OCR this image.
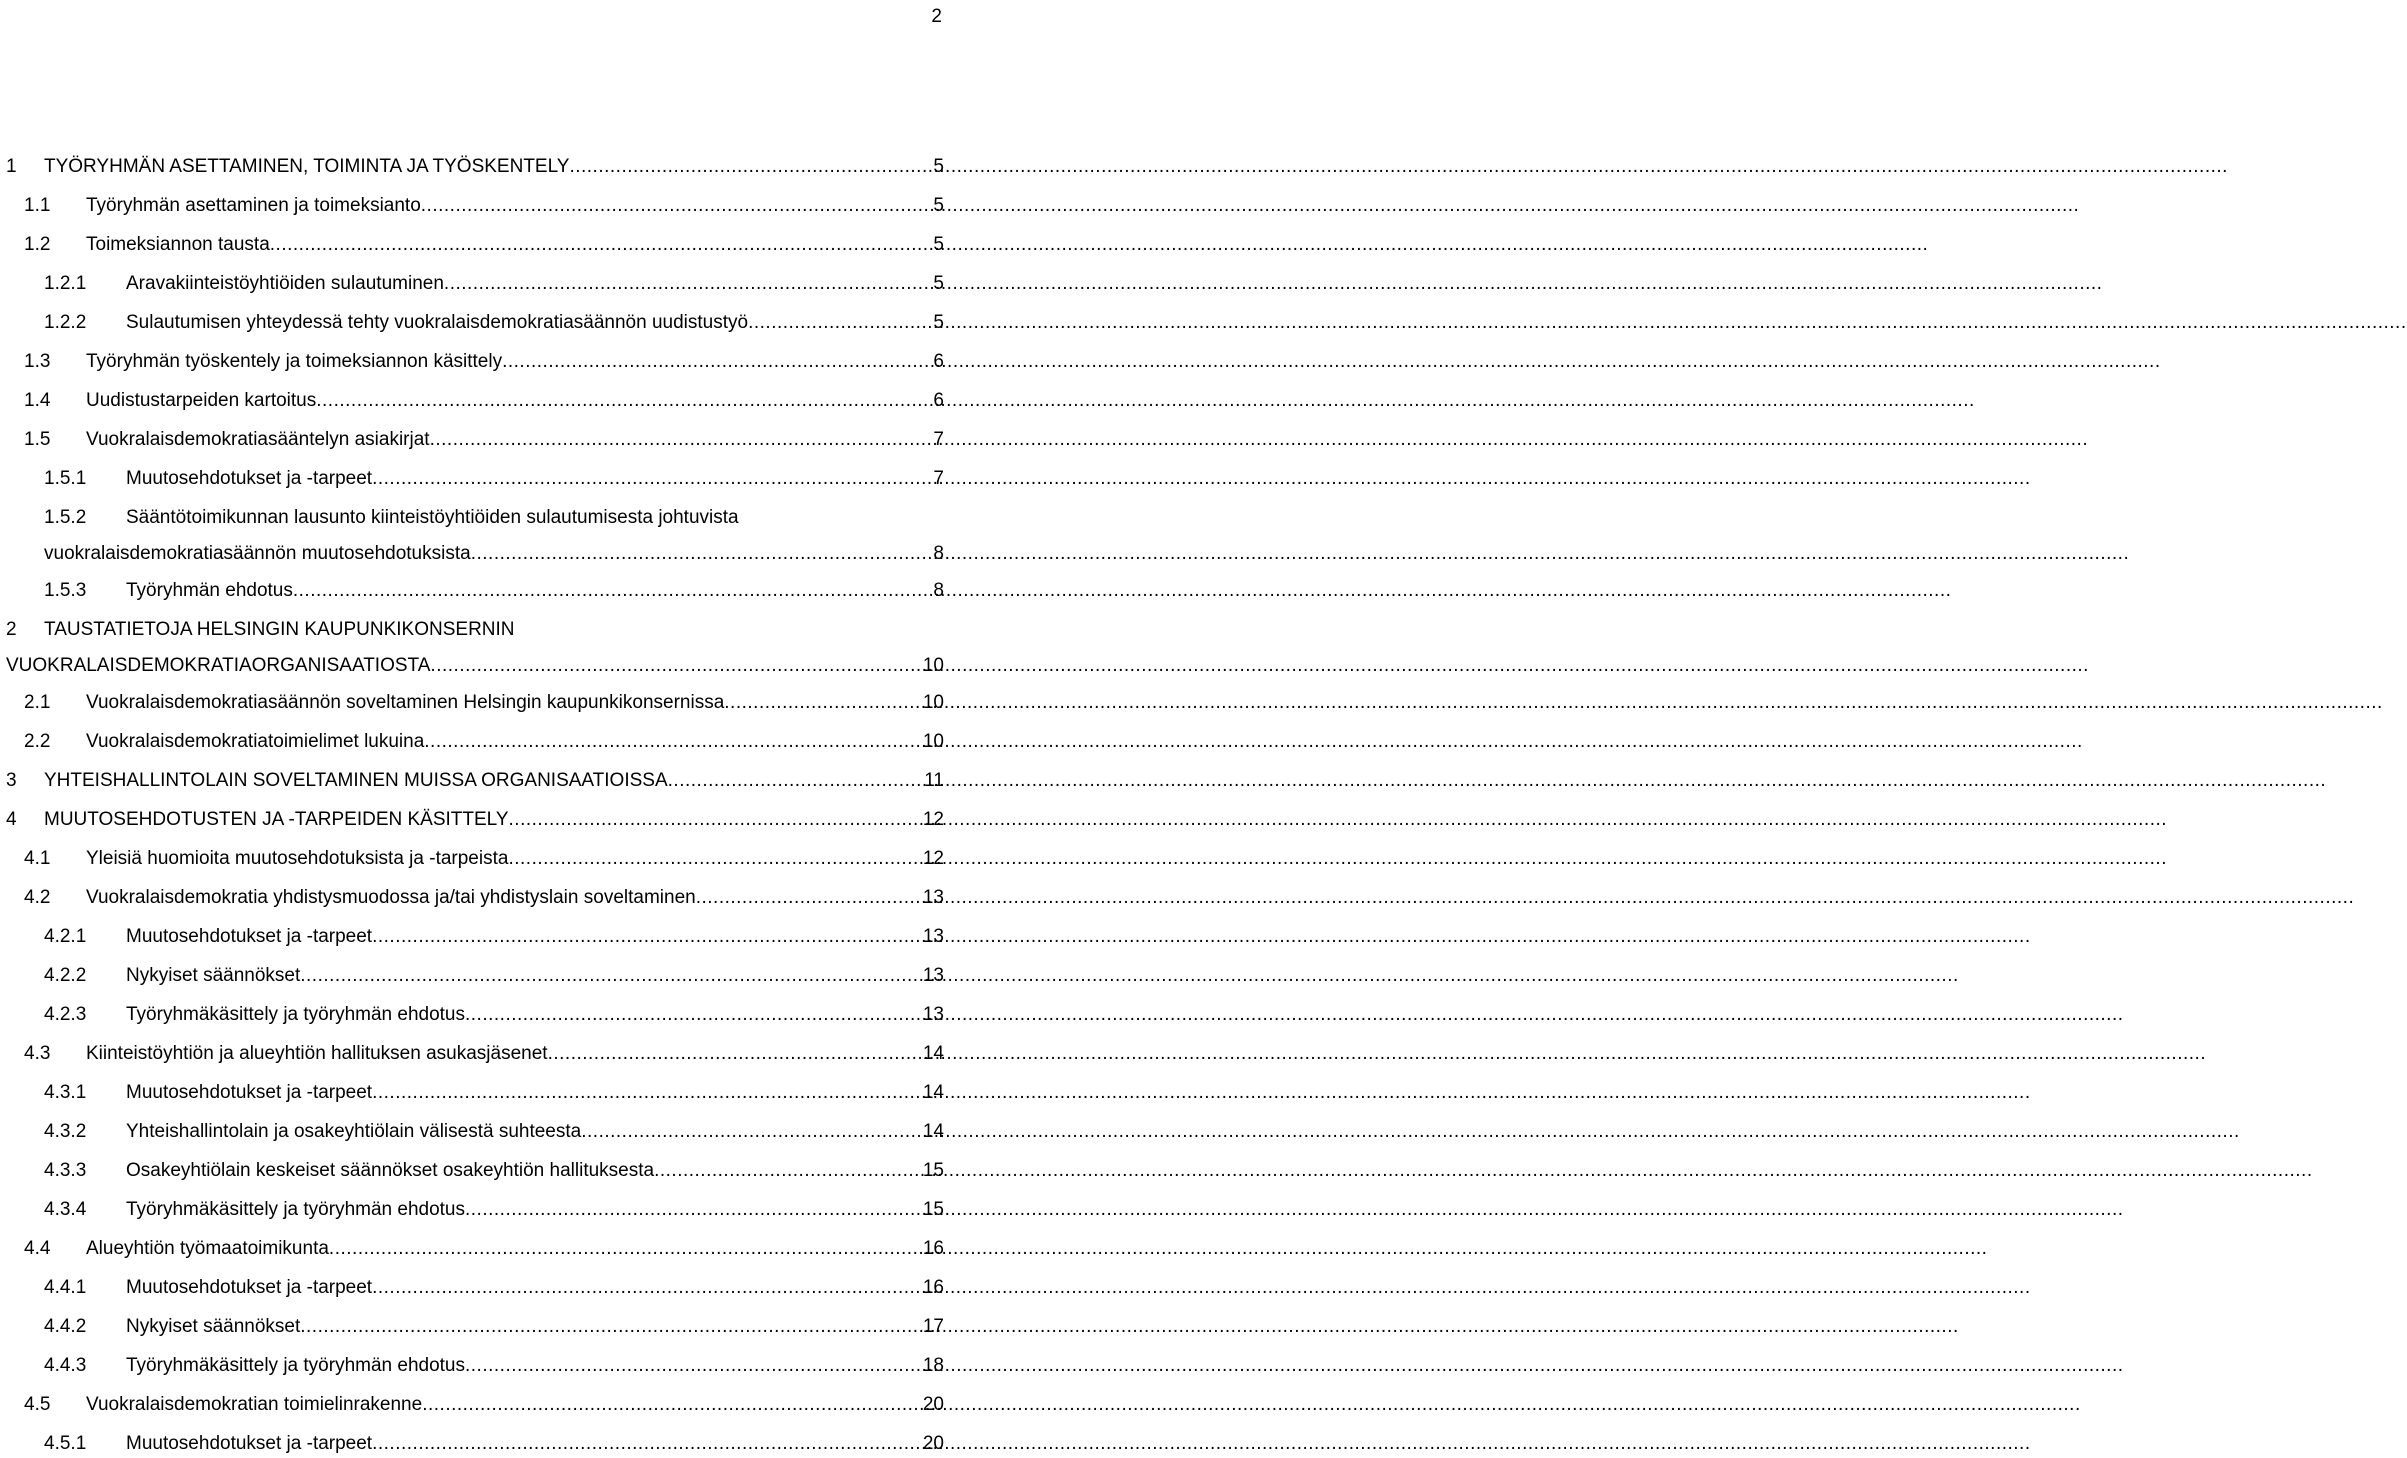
2
1	TYÖRYHMÄN ASETTAMINEN, TOIMINTA JA TYÖSKENTELY .....	5
1.1	Työryhmän asettaminen ja toimeksianto .....	5
1.2	Toimeksiannon tausta .....	5
1.2.1	Aravakiinteistöyhtiöiden sulautuminen .....	5
1.2.2	Sulautumisen yhteydessä tehty vuokralaisdemokratiasäännön uudistustyö .....	5
1.3	Työryhmän työskentely ja toimeksiannon käsittely .....	6
1.4	Uudistustarpeiden kartoitus .....	6
1.5	Vuokralaisdemokratiasääntelyn asiakirjat .....	7
1.5.1	Muutosehdotukset ja -tarpeet .....	7
1.5.2 Sääntötoimikunnan lausunto kiinteistöyhtiöiden sulautumisesta johtuvista
vuokralaisdemokratiasäännön muutosehdotuksista .....	8
1.5.3	Työryhmän ehdotus .....	8
2 TAUSTATIETOJA HELSINGIN KAUPUNKIKONSERNIN
VUOKRALAISDEMOKRATIAORGANISAATIOSTA .....	10
2.1	Vuokralaisdemokratiasäännön soveltaminen Helsingin kaupunkikonsernissa .....	10
2.2	Vuokralaisdemokratiatoimielimet lukuina .....	10
3	YHTEISHALLINTOLAIN SOVELTAMINEN MUISSA ORGANISAATIOISSA .....	11
4	MUUTOSEHDOTUSTEN JA -TARPEIDEN KÄSITTELY .....	12
4.1	Yleisiä huomioita muutosehdotuksista ja -tarpeista .....	12
4.2	Vuokralaisdemokratia yhdistysmuodossa ja/tai yhdistyslain soveltaminen .....	13
4.2.1	Muutosehdotukset ja -tarpeet .....	13
4.2.2	Nykyiset säännökset .....	13
4.2.3	Työryhmäkäsittely ja työryhmän ehdotus .....	13
4.3	Kiinteistöyhtiön ja alueyhtiön hallituksen asukasjäsenet .....	14
4.3.1	Muutosehdotukset ja -tarpeet .....	14
4.3.2	Yhteishallintolain ja osakeyhtiölain välisestä suhteesta .....	14
4.3.3	Osakeyhtiölain keskeiset säännökset osakeyhtiön hallituksesta .....	15
4.3.4	Työryhmäkäsittely ja työryhmän ehdotus .....	15
4.4	Alueyhtiön työmaatoimikunta .....	16
4.4.1	Muutosehdotukset ja -tarpeet .....	16
4.4.2	Nykyiset säännökset .....	17
4.4.3	Työryhmäkäsittely ja työryhmän ehdotus .....	18
4.5	Vuokralaisdemokratian toimielinrakenne .....	20
4.5.1	Muutosehdotukset ja -tarpeet .....	20
